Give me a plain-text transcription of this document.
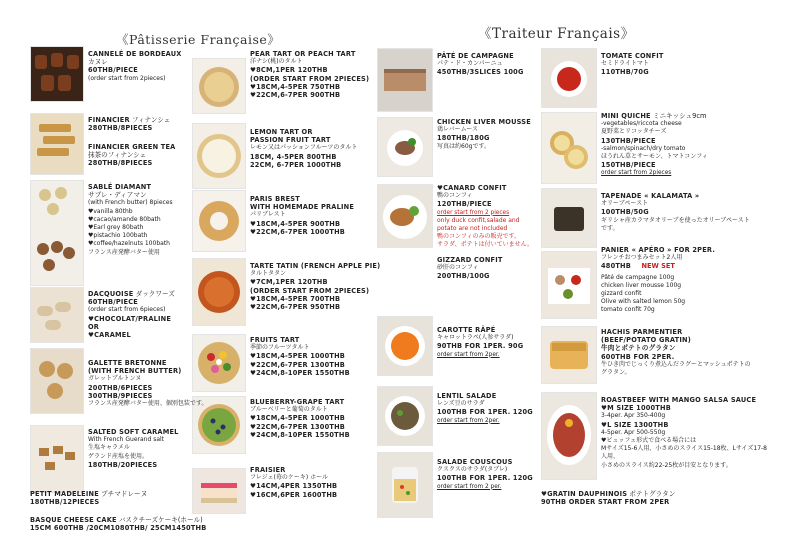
《Pâtisserie Française》	《Traiteur Français》
CANNELÉ DE BORDEAUX
カヌレ
60THB/PIECE
(order start from 2pieces)
FINANCIER フィナンシェ
280THB/8PIECES
FINANCIER GREEN TEA
抹茶のフィナンシェ
280THB/8PIECES
SABLÉ DIAMANT
サブレ・ディアマン
(with French butter) 8pieces
♥vanilla 80thb
♥cacao/amande 80bath
♥Earl grey 80bath
♥pistachio 100bath
♥coffee/hazelnuts 100bath
フランス産発酵バター使用
DACQUOISE ダックワーズ
60THB/PIECE
(order start from 6pieces)
♥CHOCOLAT/PRALINE
OR
♥CARAMEL
GALETTE BRETONNE
(WITH FRENCH BUTTER)
ガレットブルトンヌ
200THB/6PIECES
300THB/9PIECES
フランス産発酵バター使用、個別包装です。
SALTED SOFT CARAMEL
With French Guerand salt
生塩キャラメル
ゲランド産塩を使用。
180THB/20PIECES
PETIT MADELEINE プチマドレーヌ
180THB/12PIECES
BASQUE CHEESE CAKE バスクチーズケーキ(ホール)
15CM 600THB /20CM1080THB/ 25CM1450THB
PEAR TART OR PEACH TART
洋ナシ(桃)のタルト
♥8CM,1PER 120THB
(ORDER START FROM 2PIECES)
♥18CM,4-5PER 750THB
♥22CM,6-7PER 900THB
LEMON TART OR
PASSION FRUIT TART
レモン又はパッションフルーツのタルト
18CM, 4-5PER 800THB
22CM, 6-7PER 1000THB
PARIS BREST
WITH HOMEMADE PRALINE
パリブレスト
♥18CM,4-5PER 900THB
♥22CM,6-7PER 1000THB
TARTE TATIN (FRENCH APPLE PIE)
タルトタタン
♥7CM,1PER 120THB
(ORDER START FROM 2PIECES)
♥18CM,4-5PER 700THB
♥22CM,6-7PER 950THB
FRUITS TART
季節のフルーツタルト
♥18CM,4-5PER 1000THB
♥22CM,6-7PER 1300THB
♥24CM,8-10PER 1550THB
BLUEBERRY-GRAPE TART
ブルーベリーと葡萄のタルト
♥18CM,4-5PER 1000THB
♥22CM,6-7PER 1300THB
♥24CM,8-10PER 1550THB
FRAISIER
フレジェ(苺のケーキ) ホール
♥14CM,4PER 1350THB
♥16CM,6PER 1600THB
PÂTÉ DE CAMPAGNE
パテ・ド・カンパーニュ
450THB/3SLICES 100G
CHICKEN LIVER MOUSSE
鶏レバームース
180THB/180G
写真は約60gです。
♥CANARD CONFIT
鴨のコンフィ
120THB/PIECE
order start from 2 pieces
only duck confit,salade and
potato are not included
鴨のコンフィのみの販売です。
サラダ、ポテトは付いていません。
GIZZARD CONFIT
砂肝のコンフィ
200THB/100G
CAROTTE RÂPÉ
キャロットラペ(人参サラダ)
90THB FOR 1PER. 90G
order start from 2per.
LENTIL SALADE
レンズ豆のサラダ
100THB FOR 1PER. 120G
order start from 2per.
SALADE COUSCOUS
クスクスのサラダ(タブレ)
100THB FOR 1PER. 120G
order start from 2 per.
TOMATE CONFIT
セミドライトマト
110THB/70G
MINI QUICHE ミニキッシュ9cm
-vegetables/riccota cheese
夏野菜とリコッタチーズ
130THB/PIECE
-salmon/spinach/dry tomato
ほうれん草とサーモン、トマトコンフィ
150THB/PIECE
order start from 2pieces
TAPENADE « KALAMATA »
オリーブペースト
100THB/50G
ギリシャ産カラマタオリーブを使ったオリーブペーストです。
PANIER « APÉRO » FOR 2PER.
フレンチおつまみセット2人用
480THB NEW SET
Pâté de campagne 100g
chicken liver mousse 100g
gizzard confit
Olive with salted lemon 50g
tomato confit 70g
HACHIS PARMENTIER
(BEEF/POTATO GRATIN)
牛肉とポテトのグラタン
600THB FOR 2PER.
牛ひき肉でじっくり煮込んだラグーとマッシュポテトのグラタン。
ROASTBEEF WITH MANGO SALSA SAUCE
♥M SIZE 1000THB
3-4per. Apr 350-400g
♥L SIZE 1300THB
4-5per. Apr 500-550g
♥ビュッフェ形式で食べる場合には
Mサイズ15-6人用、小さめのスライス15-18枚、Lサイズ17-8人用、
小さめのスライス約22-25枚が目安となります。
♥GRATIN DAUPHINOIS ポテトグラタン
90THB ORDER START FROM 2PER
